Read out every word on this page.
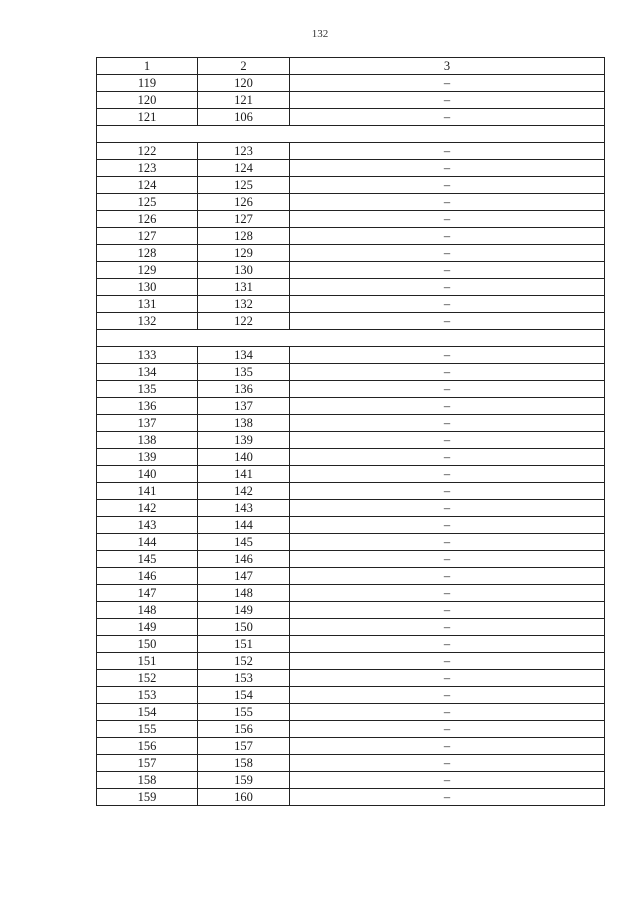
132
1	2	3
119	120	–
120	121	–
121	106	–

122	123	–
123	124	–
124	125	–
125	126	–
126	127	–
127	128	–
128	129	–
129	130	–
130	131	–
131	132	–
132	122	–

133	134	–
134	135	–
135	136	–
136	137	–
137	138	–
138	139	–
139	140	–
140	141	–
141	142	–
142	143	–
143	144	–
144	145	–
145	146	–
146	147	–
147	148	–
148	149	–
149	150	–
150	151	–
151	152	–
152	153	–
153	154	–
154	155	–
155	156	–
156	157	–
157	158	–
158	159	–
159	160	–
